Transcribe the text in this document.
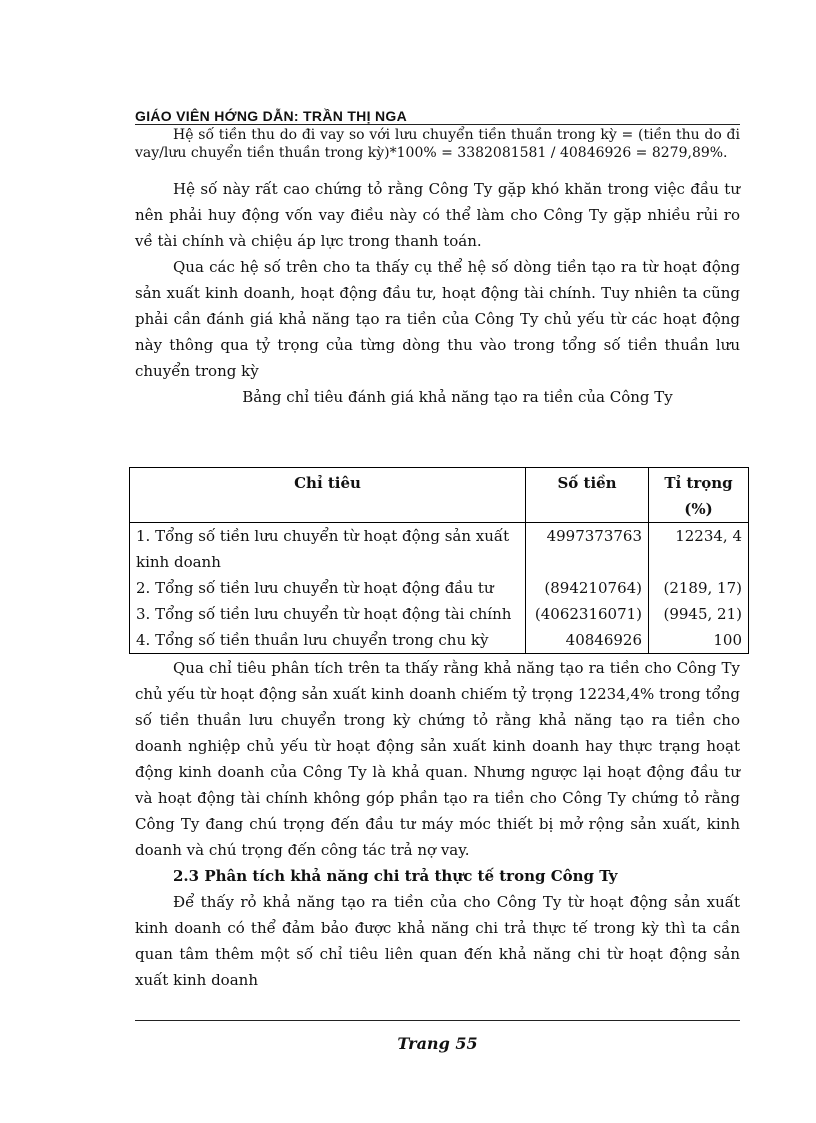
GIÁO VIÊN HỚNG DẪN: TRẦN THỊ NGA

Hệ số tiền thu do đi vay so với lưu chuyển tiền thuần trong kỳ = (tiền thu do đi vay/lưu chuyển tiền thuần trong kỳ)*100% = 3382081581 / 40846926 = 8279,89%.

Hệ số này rất cao chứng tỏ rằng Công Ty gặp khó khăn trong việc đầu tư nên phải huy động vốn vay điều này có thể làm cho Công Ty gặp nhiều rủi ro về tài chính và chiệu áp lực trong thanh toán.

Qua các hệ số trên cho ta thấy cụ thể hệ số dòng tiền tạo ra từ hoạt động sản xuất kinh doanh, hoạt động đầu tư, hoạt động tài chính. Tuy nhiên ta cũng phải cần đánh giá khả năng tạo ra tiền của Công Ty chủ yếu từ các hoạt động này thông qua tỷ trọng của từng dòng thu vào trong tổng số tiền thuần lưu chuyển trong kỳ

Bảng chỉ tiêu đánh giá khả năng tạo ra tiền của Công Ty

Chỉ tiêu	Số tiền	Tỉ trọng (%)
1. Tổng số tiền lưu chuyển từ hoạt động sản xuất kinh doanh	4997373763	12234, 4
2. Tổng số tiền lưu chuyển từ hoạt động đầu tư	(894210764)	(2189, 17)
3. Tổng số tiền lưu chuyển từ hoạt động tài chính	(4062316071)	(9945, 21)
4. Tổng số tiền thuần lưu chuyển trong chu kỳ	40846926	100

Qua chỉ tiêu phân tích trên ta thấy rằng khả năng tạo ra tiền cho Công Ty chủ yếu từ hoạt động sản xuất kinh doanh chiếm tỷ trọng 12234,4% trong tổng số tiền thuần lưu chuyển trong kỳ chứng tỏ rằng khả năng tạo ra tiền cho doanh nghiệp chủ yếu từ hoạt động sản xuất kinh doanh hay thực trạng hoạt động kinh doanh của Công Ty là khả quan. Nhưng ngược lại hoạt động đầu tư và hoạt động tài chính không góp phần tạo ra tiền cho Công Ty chứng tỏ rằng Công Ty đang chú trọng đến đầu tư máy móc thiết bị mở rộng sản xuất, kinh doanh và chú trọng đến công tác trả nợ vay.

2.3 Phân tích khả năng chi trả thực tế trong Công Ty

Để thấy rỏ khả năng tạo ra tiền của cho Công Ty từ hoạt động sản xuất kinh doanh có thể đảm bảo được khả năng chi trả thực tế trong kỳ thì ta cần quan tâm thêm một số chỉ tiêu liên quan đến khả năng chi từ hoạt động sản xuất kinh doanh

Trang 55
